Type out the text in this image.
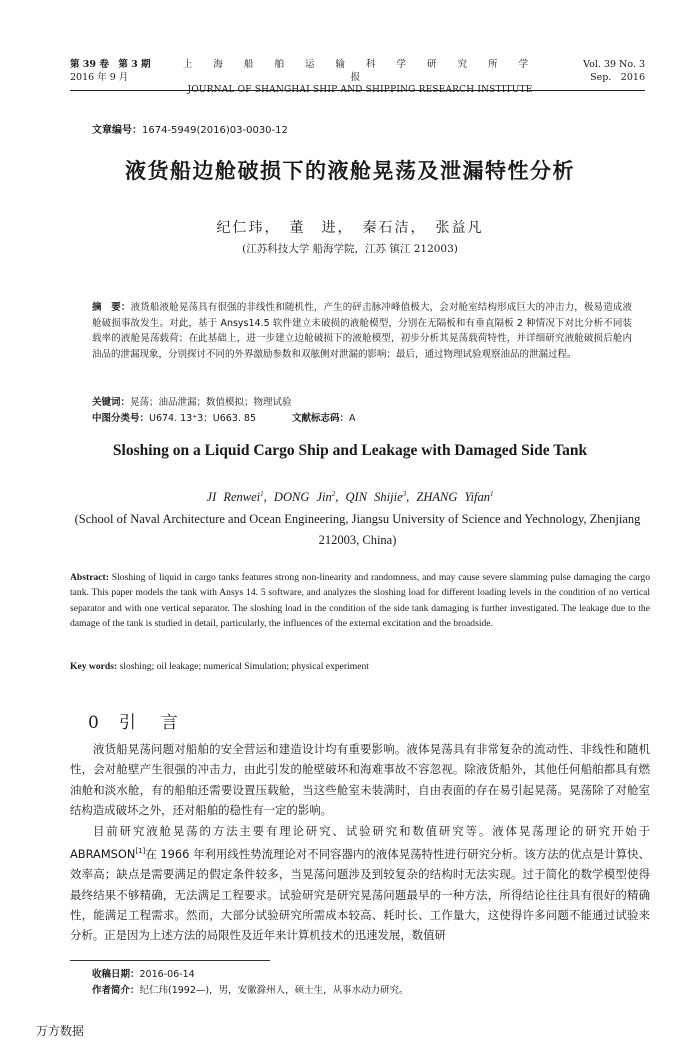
第 39 卷　第 3 期
2016 年 9 月
上 海 船 舶 运 输 科 学 研 究 所 学 报
JOURNAL OF SHANGHAI SHIP AND SHIPPING RESEARCH INSTITUTE
Vol. 39 No. 3
Sep.　2016
文章编号：1674-5949(2016)03-0030-12
液货船边舱破损下的液舱晃荡及泄漏特性分析
纪仁玮，　董　进，　秦石洁，　张益凡
(江苏科技大学 船海学院，江苏 镇江 212003)
摘　要：液货船液舱晃荡具有很强的非线性和随机性，产生的砰击脉冲峰值极大，会对舱室结构形成巨大的冲击力，极易造成液舱破损事故发生。对此，基于 Ansys14.5 软件建立未破损的液舱模型，分别在无隔板和有垂直隔板 2 种情况下对比分析不同装载率的液舱晃荡载荷；在此基础上，进一步建立边舱破损下的液舱模型，初步分析其晃荡载荷特性，并详细研究液舱破损后舱内油品的泄漏现象，分别探讨不同的外界激励参数和双舷侧对泄漏的影响；最后，通过物理试验观察油品的泄漏过程。
关键词：晃荡；油品泄漏；数值模拟；物理试验
中图分类号：U674. 13⁺3；U663. 85	文献标志码：A
Sloshing on a Liquid Cargo Ship and Leakage with Damaged Side Tank
JI Renwei$^1$, DONG Jin$^2$, QIN Shijie$^3$, ZHANG Yifan$^1$
(School of Naval Architecture and Ocean Engineering, Jiangsu University of Science and Yechnology, Zhenjiang 212003, China)
Abstract: Sloshing of liquid in cargo tanks features strong non-linearity and randomness, and may cause severe slamming pulse damaging the cargo tank. This paper models the tank with Ansys 14. 5 software, and analyzes the sloshing load for different loading levels in the condition of no vertical separator and with one vertical separator. The sloshing load in the condition of the side tank damaging is further investigated. The leakage due to the damage of the tank is studied in detail, particularly, the influences of the external excitation and the broadside.
Key words: sloshing; oil leakage; numerical Simulation; physical experiment
0 引　言

液货船晃荡问题对船舶的安全营运和建造设计均有重要影响。液体晃荡具有非常复杂的流动性、非线性和随机性，会对舱壁产生很强的冲击力，由此引发的舱壁破坏和海难事故不容忽视。除液货船外，其他任何船舶都具有燃油舱和淡水舱，有的船舶还需要设置压载舱，当这些舱室未装满时，自由表面的存在易引起晃荡。晃荡除了对舱室结构造成破坏之外，还对船舶的稳性有一定的影响。

目前研究液舱晃荡的方法主要有理论研究、试验研究和数值研究等。液体晃荡理论的研究开始于 ABRAMSON[1]在 1966 年利用线性势流理论对不同容器内的液体晃荡特性进行研究分析。该方法的优点是计算快、效率高；缺点是需要满足的假定条件较多，当晃荡问题涉及到较复杂的结构时无法实现。过于简化的数学模型使得最终结果不够精确，无法满足工程要求。试验研究是研究晃荡问题最早的一种方法，所得结论往往具有很好的精确性，能满足工程需求。然而，大部分试验研究所需成本较高、耗时长、工作量大，这使得许多问题不能通过试验来分析。正是因为上述方法的局限性及近年来计算机技术的迅速发展，数值研

收稿日期：2016-06-14
作者简介：纪仁玮(1992—)，男，安徽滁州人，硕士生，从事水动力研究。
万方数据
